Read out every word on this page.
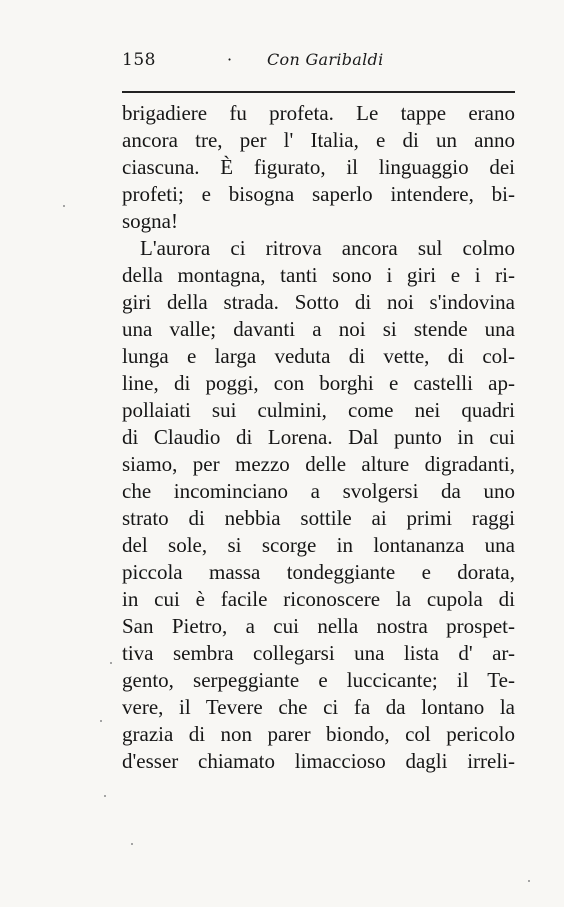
158	· Con Garibaldi
brigadiere fu profeta. Le tappe erano
ancora tre, per l' Italia, e di un anno
ciascuna. È figurato, il linguaggio dei
profeti; e bisogna saperlo intendere, bi-
sogna!
L'aurora ci ritrova ancora sul colmo
della montagna, tanti sono i giri e i ri-
giri della strada. Sotto di noi s'indovina
una valle; davanti a noi si stende una
lunga e larga veduta di vette, di col-
line, di poggi, con borghi e castelli ap-
pollaiati sui culmini, come nei quadri
di Claudio di Lorena. Dal punto in cui
siamo, per mezzo delle alture digradanti,
che incominciano a svolgersi da uno
strato di nebbia sottile ai primi raggi
del sole, si scorge in lontananza una
piccola massa tondeggiante e dorata,
in cui è facile riconoscere la cupola di
San Pietro, a cui nella nostra prospet-
tiva sembra collegarsi una lista d' ar-
gento, serpeggiante e luccicante; il Te-
vere, il Tevere che ci fa da lontano la
grazia di non parer biondo, col pericolo
d'esser chiamato limaccioso dagli irreli-
